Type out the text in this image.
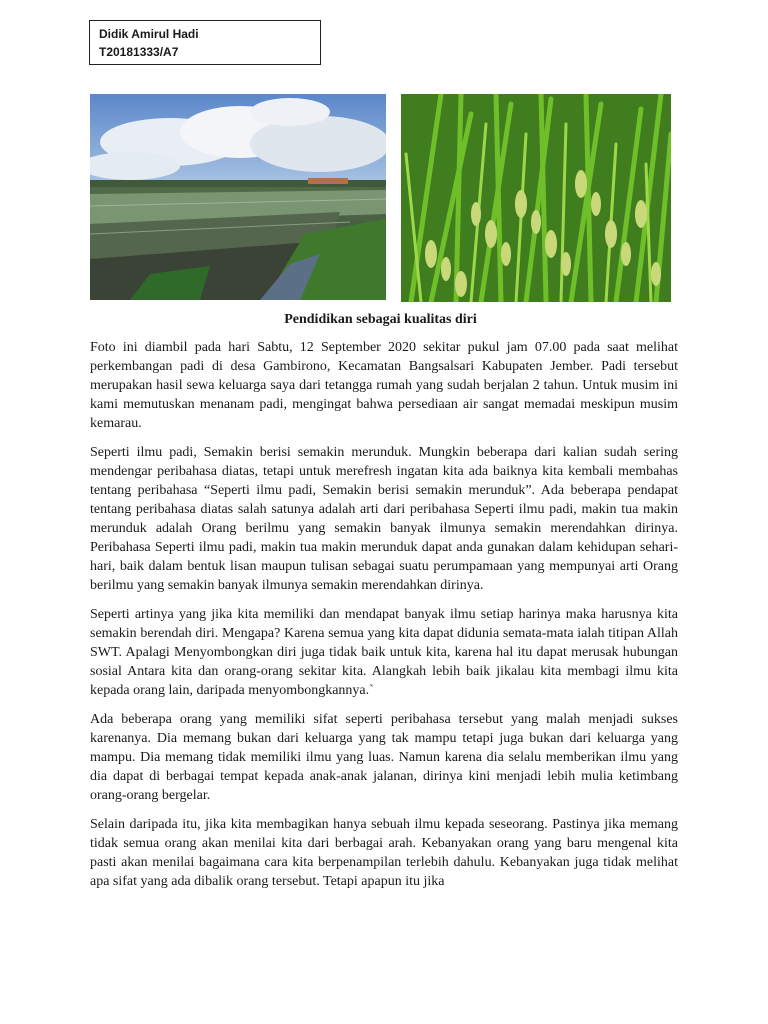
Didik Amirul Hadi
T20181333/A7
Pendidikan sebagai kualitas diri

Foto ini diambil pada hari Sabtu, 12 September 2020 sekitar pukul jam 07.00 pada saat melihat perkembangan padi di desa Gambirono, Kecamatan Bangsalsari Kabupaten Jember. Padi tersebut merupakan hasil sewa keluarga saya dari tetangga rumah yang sudah berjalan 2 tahun. Untuk musim ini kami memutuskan menanam padi, mengingat bahwa persediaan air sangat memadai meskipun musim kemarau.

Seperti ilmu padi, Semakin berisi semakin merunduk. Mungkin beberapa dari kalian sudah sering mendengar peribahasa diatas, tetapi untuk merefresh ingatan kita ada baiknya kita kembali membahas tentang peribahasa “Seperti ilmu padi, Semakin berisi semakin merunduk”. Ada beberapa pendapat tentang peribahasa diatas salah satunya adalah arti dari peribahasa Seperti ilmu padi, makin tua makin merunduk adalah Orang berilmu yang semakin banyak ilmunya semakin merendahkan dirinya. Peribahasa Seperti ilmu padi, makin tua makin merunduk dapat anda gunakan dalam kehidupan sehari-hari, baik dalam bentuk lisan maupun tulisan sebagai suatu perumpamaan yang mempunyai arti Orang berilmu yang semakin banyak ilmunya semakin merendahkan dirinya.

Seperti artinya yang jika kita memiliki dan mendapat banyak ilmu setiap harinya maka harusnya kita semakin berendah diri. Mengapa? Karena semua yang kita dapat didunia semata-mata ialah titipan Allah SWT. Apalagi Menyombongkan diri juga tidak baik untuk kita, karena hal itu dapat merusak hubungan sosial Antara kita dan orang-orang sekitar kita. Alangkah lebih baik jikalau kita membagi ilmu kita kepada orang lain, daripada menyombongkannya.`

Ada beberapa orang yang memiliki sifat seperti peribahasa tersebut yang malah menjadi sukses karenanya. Dia memang bukan dari keluarga yang tak mampu tetapi juga bukan dari keluarga yang mampu. Dia memang tidak memiliki ilmu yang luas. Namun karena dia selalu memberikan ilmu yang dia dapat di berbagai tempat kepada anak-anak jalanan, dirinya kini menjadi lebih mulia ketimbang orang-orang bergelar.

Selain daripada itu, jika kita membagikan hanya sebuah ilmu kepada seseorang. Pastinya jika memang tidak semua orang akan menilai kita dari berbagai arah. Kebanyakan orang yang baru mengenal kita pasti akan menilai bagaimana cara kita berpenampilan terlebih dahulu. Kebanyakan juga tidak melihat apa sifat yang ada dibalik orang tersebut. Tetapi apapun itu jika
